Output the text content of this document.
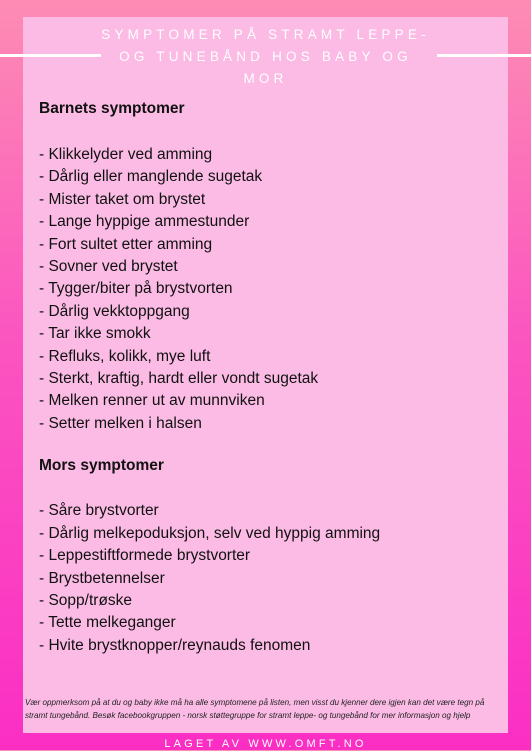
SYMPTOMER PÅ STRAMT LEPPE- OG TUNEBÅND HOS BABY OG MOR
Barnets symptomer
- Klikkelyder ved amming
- Dårlig eller manglende sugetak
- Mister taket om brystet
- Lange hyppige ammestunder
- Fort sultet etter amming
- Sovner ved brystet
- Tygger/biter på brystvorten
- Dårlig vekktoppgang
- Tar ikke smokk
- Refluks, kolikk, mye luft
- Sterkt, kraftig, hardt eller vondt sugetak
- Melken renner ut av munnviken
- Setter melken i halsen
Mors symptomer
- Såre brystvorter
- Dårlig melkepoduksjon, selv ved hyppig amming
- Leppestiftformede brystvorter
- Brystbetennelser
- Sopp/trøske
- Tette melkeganger
- Hvite brystknopper/reynauds fenomen

Vær oppmerksom på at du og baby ikke må ha alle symptomene på listen, men visst du kjenner dere igjen kan det være tegn på stramt tungebånd. Besøk facebookgruppen - norsk støttegruppe for stramt leppe- og tungebånd for mer informasjon og hjelp

LAGET AV WWW.OMFT.NO
